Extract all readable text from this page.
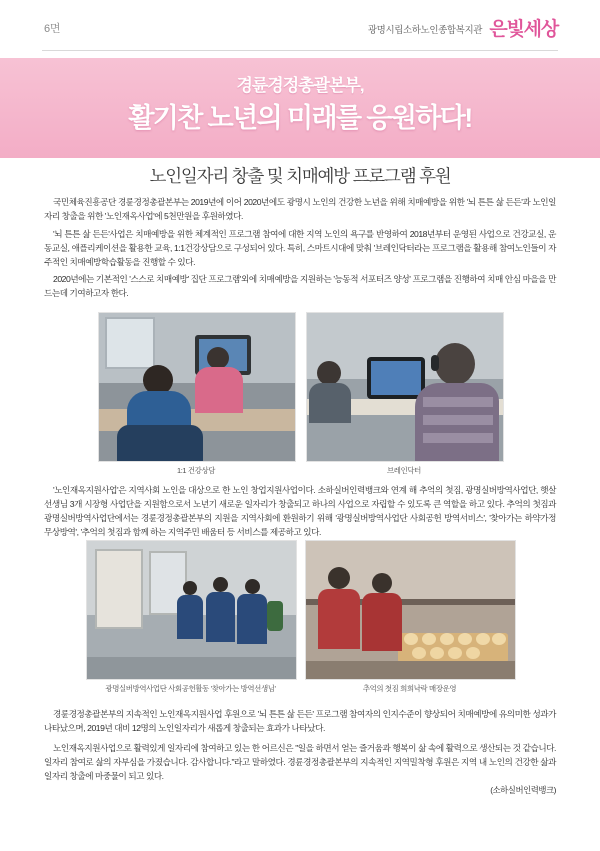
6면	광명시립소하노인종합복지관 은빛세상
경륜경정총괄본부,
활기찬 노년의 미래를 응원하다!
노인일자리 창출 및 치매예방 프로그램 후원
국민체육진흥공단 경륜경정총괄본부는 2019년에 이어 2020년에도 광명시 노인의 건강한 노년을 위해 치매예방을 위한 '뇌 튼튼 삶 든든'과 노인일자리 창출을 위한 '노인재옥사업'에 5천만원을 후원하였다.
'뇌 튼튼 삶 든든'사업은 치매예방을 위한 체계적인 프로그램 참여에 대한 지역 노인의 욕구를 반영하여 2018년부터 운영된 사업으로 건강교실, 운동교실, 애플리케이션을 활용한 교육, 1:1건강상담으로 구성되어 있다. 특히, 스마트시대에 맞춰 '브레인닥터라는 프로그램을 활용해 참여노인들이 자주적인 치매예방학습활동을 진행할 수 있다.
2020년에는 기본적인 '스스로 치매예방' 집단 프로그램'외에 치매예방을 지원하는 '능동적 서포터즈 양성' 프로그램을 진행하여 치매 안심 마을을 만드는데 기여하고자 한다.
1:1 건강상담	브레인닥터
'노인재옥지원사업'은 지역사회 노인을 대상으로 한 노인 창업지원사업이다. 소하실버인력뱅크와 연계 해 추억의 첫짐, 광명실버방역사업단, 햇살선생님 3개 시장형 사업단을 지원함으로서 노년기 새로운 일자리가 창출되고 하나의 사업으로 자립할 수 있도록 큰 역할을 하고 있다. 추억의 첫짐과 광명실버방역사업단에서는 경륜경정총괄본부의 지원을 지역사회에 환원하기 위해 '광명실버방역사업단 사회공헌 방역서비스', '찾아가는 하약가정 무상방역', '추억의 첫짐과 함께 하는 지역주민 배움터 등 서비스를 제공하고 있다.
광명실버방역사업단 사회공헌활동 '찾아가는 방역선생님'	추억의 첫짐 희희낙락 매장운영
경륜경정총괄본부의 지속적인 노인재옥지원사업 후원으로 '뇌 튼튼 삶 든든' 프로그램 참여자의 인지수준이 향상되어 치매예방에 유의미한 성과가 나타났으며, 2019년 대비 12명의 노인일자리가 새롭게 창출되는 효과가 나타났다.
노인재옥지원사업으로 활력있게 일자리에 참여하고 있는 한 어르신은 "일을 하면서 얻는 즐거움과 행복이 삶 속에 활력으로 생산되는 것 같습니다. 일자리 참여로 삶의 자부심을 가졌습니다. 감사합니다."라고 말하였다. 경륜경정총괄본부의 지속적인 지역밀착형 후원은 지역 내 노인의 건강한 삶과 일자리 창출에 마중물이 되고 있다.
(소하실버인력뱅크)
